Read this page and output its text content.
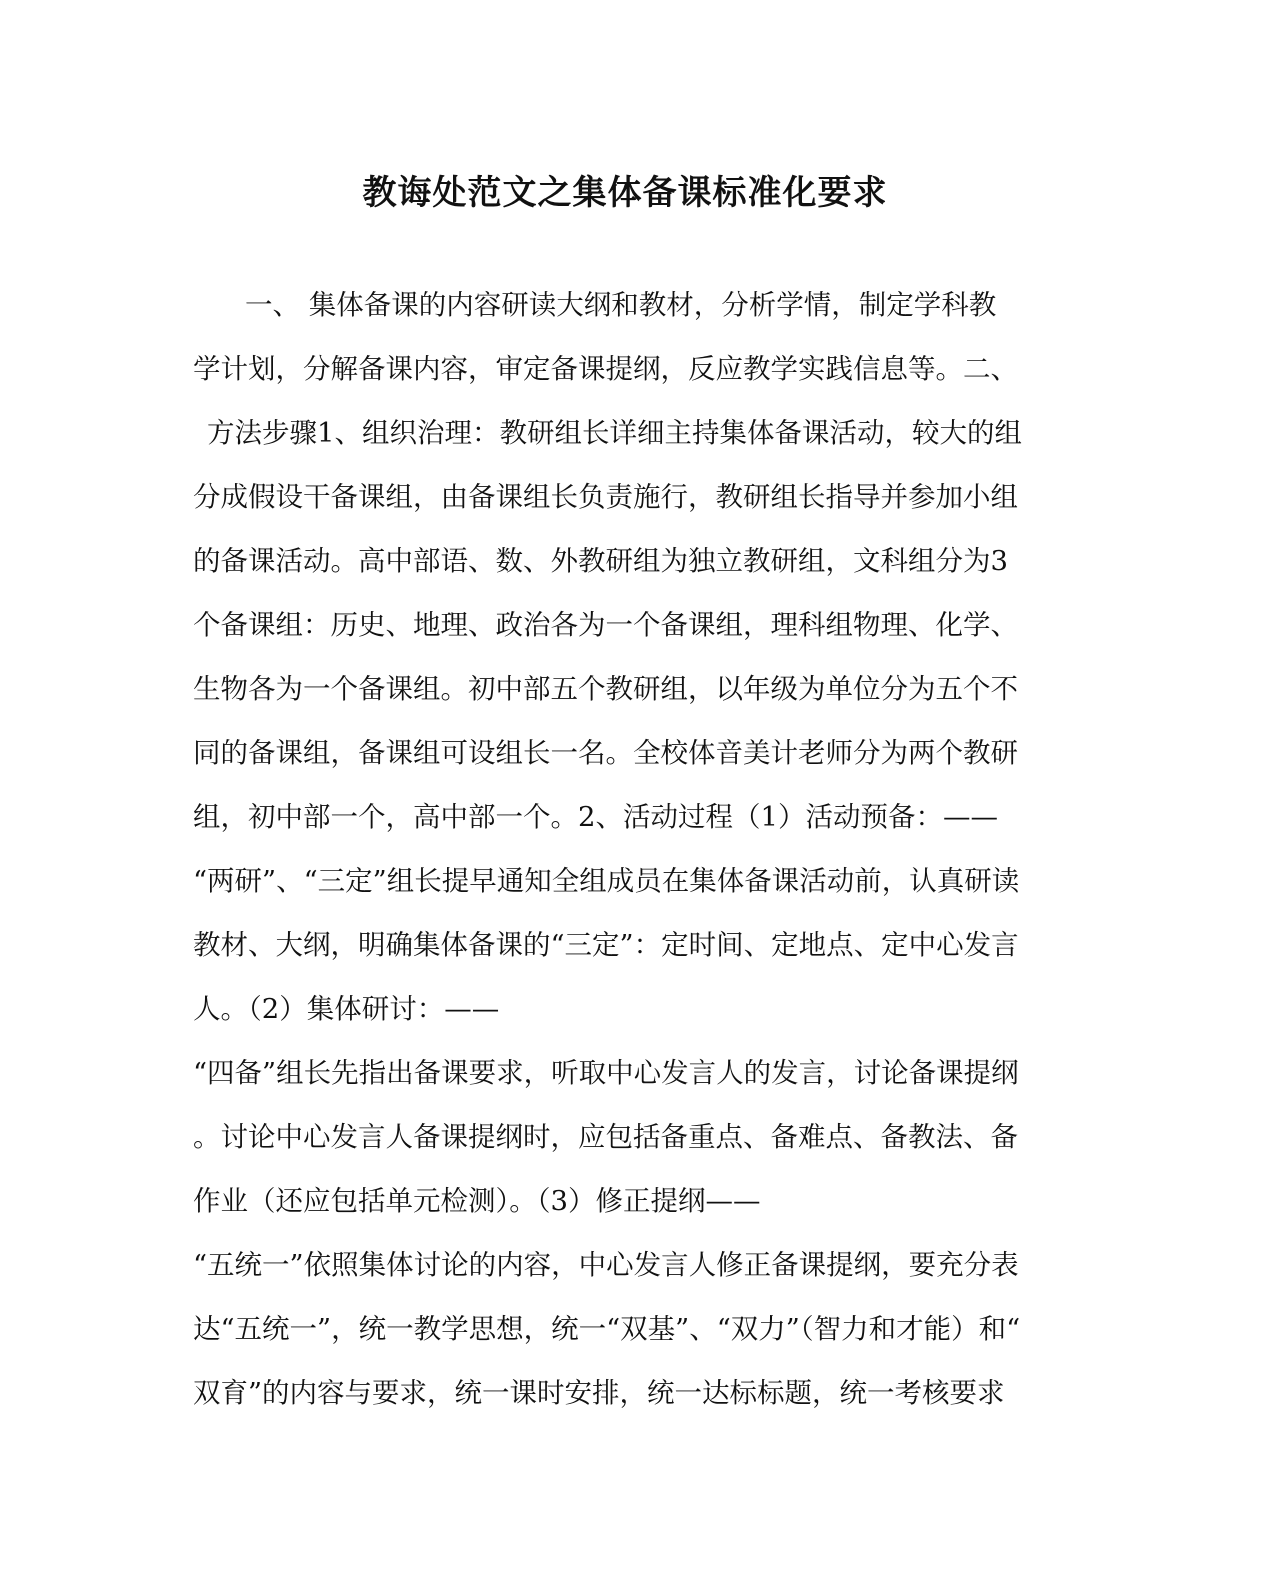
教诲处范文之集体备课标准化要求
一、 集体备课的内容研读大纲和教材，分析学情，制定学科教
学计划，分解备课内容，审定备课提纲，反应教学实践信息等。二、
方法步骤1、组织治理：教研组长详细主持集体备课活动，较大的组
分成假设干备课组，由备课组长负责施行，教研组长指导并参加小组
的备课活动。高中部语、数、外教研组为独立教研组，文科组分为3
个备课组：历史、地理、政治各为一个备课组，理科组物理、化学、
生物各为一个备课组。初中部五个教研组，以年级为单位分为五个不
同的备课组，备课组可设组长一名。全校体音美计老师分为两个教研
组，初中部一个，高中部一个。2、活动过程（1）活动预备：——
“两研”、“三定”组长提早通知全组成员在集体备课活动前，认真研读
教材、大纲，明确集体备课的“三定”：定时间、定地点、定中心发言
人。（2）集体研讨：——
“四备”组长先指出备课要求，听取中心发言人的发言，讨论备课提纲
。讨论中心发言人备课提纲时，应包括备重点、备难点、备教法、备
作业（还应包括单元检测）。（3）修正提纲——
“五统一”依照集体讨论的内容，中心发言人修正备课提纲，要充分表
达“五统一”，统一教学思想，统一“双基”、“双力”（智力和才能）和“
双育”的内容与要求，统一课时安排，统一达标标题，统一考核要求
